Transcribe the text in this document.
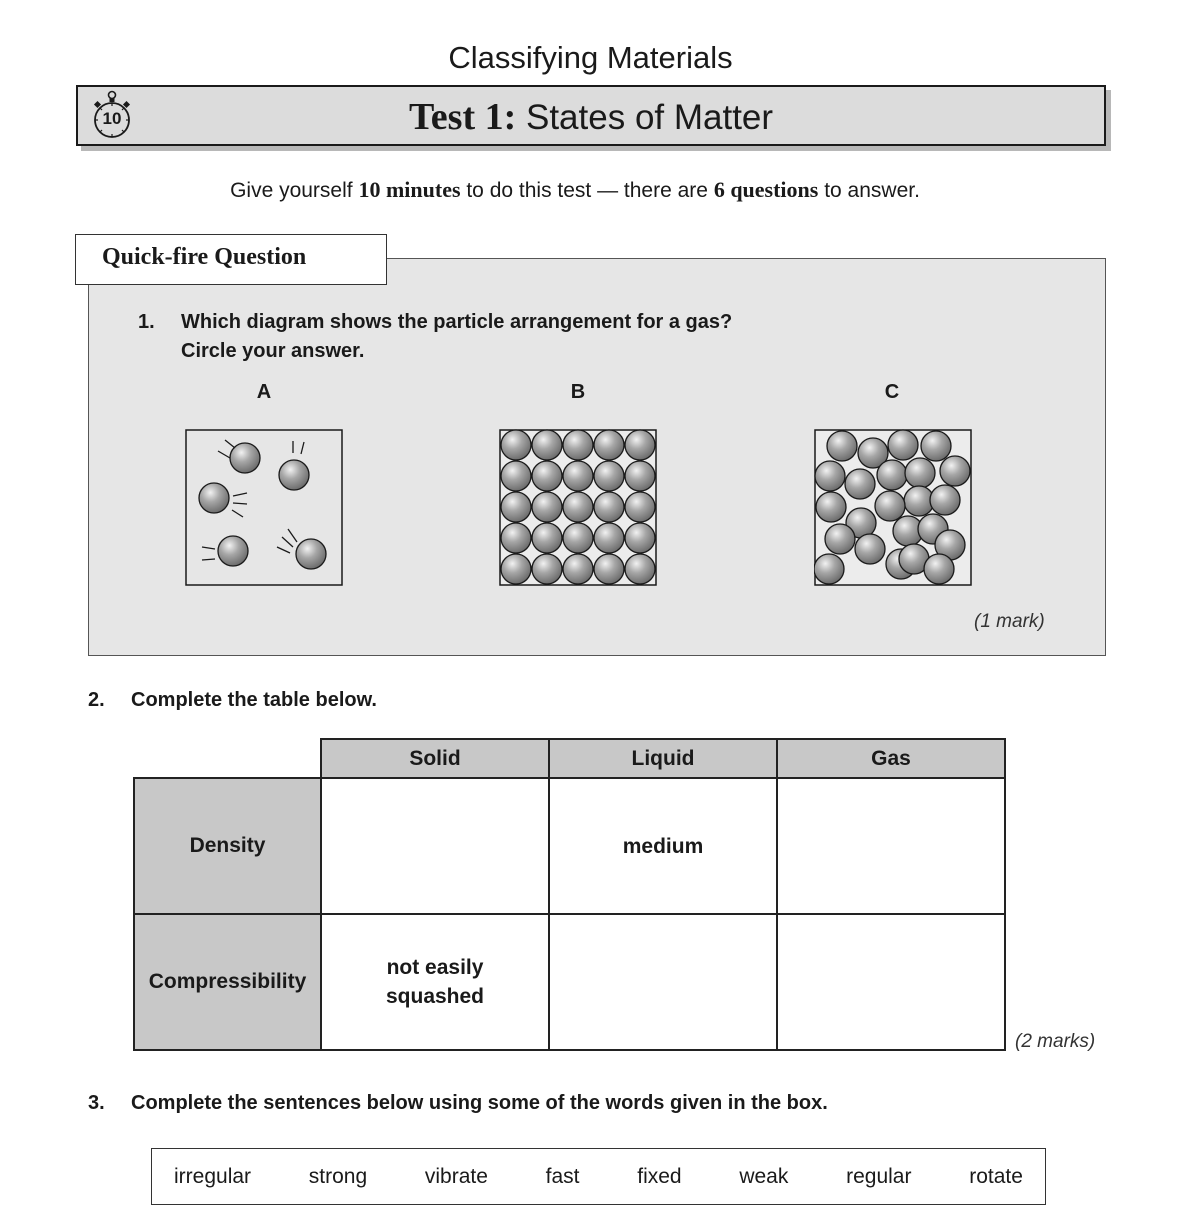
Classifying Materials
10	Test 1: States of Matter
Give yourself 10 minutes to do this test — there are 6 questions to answer.
Quick-fire Question
1. Which diagram shows the particle arrangement for a gas?
Circle your answer.
A	B	C
(1 mark)
2. Complete the table below.
	Solid	Liquid	Gas
Density		medium	
Compressibility	not easily squashed		
(2 marks)
3. Complete the sentences below using some of the words given in the box.
irregular	strong	vibrate	fast	fixed	weak	regular	rotate
